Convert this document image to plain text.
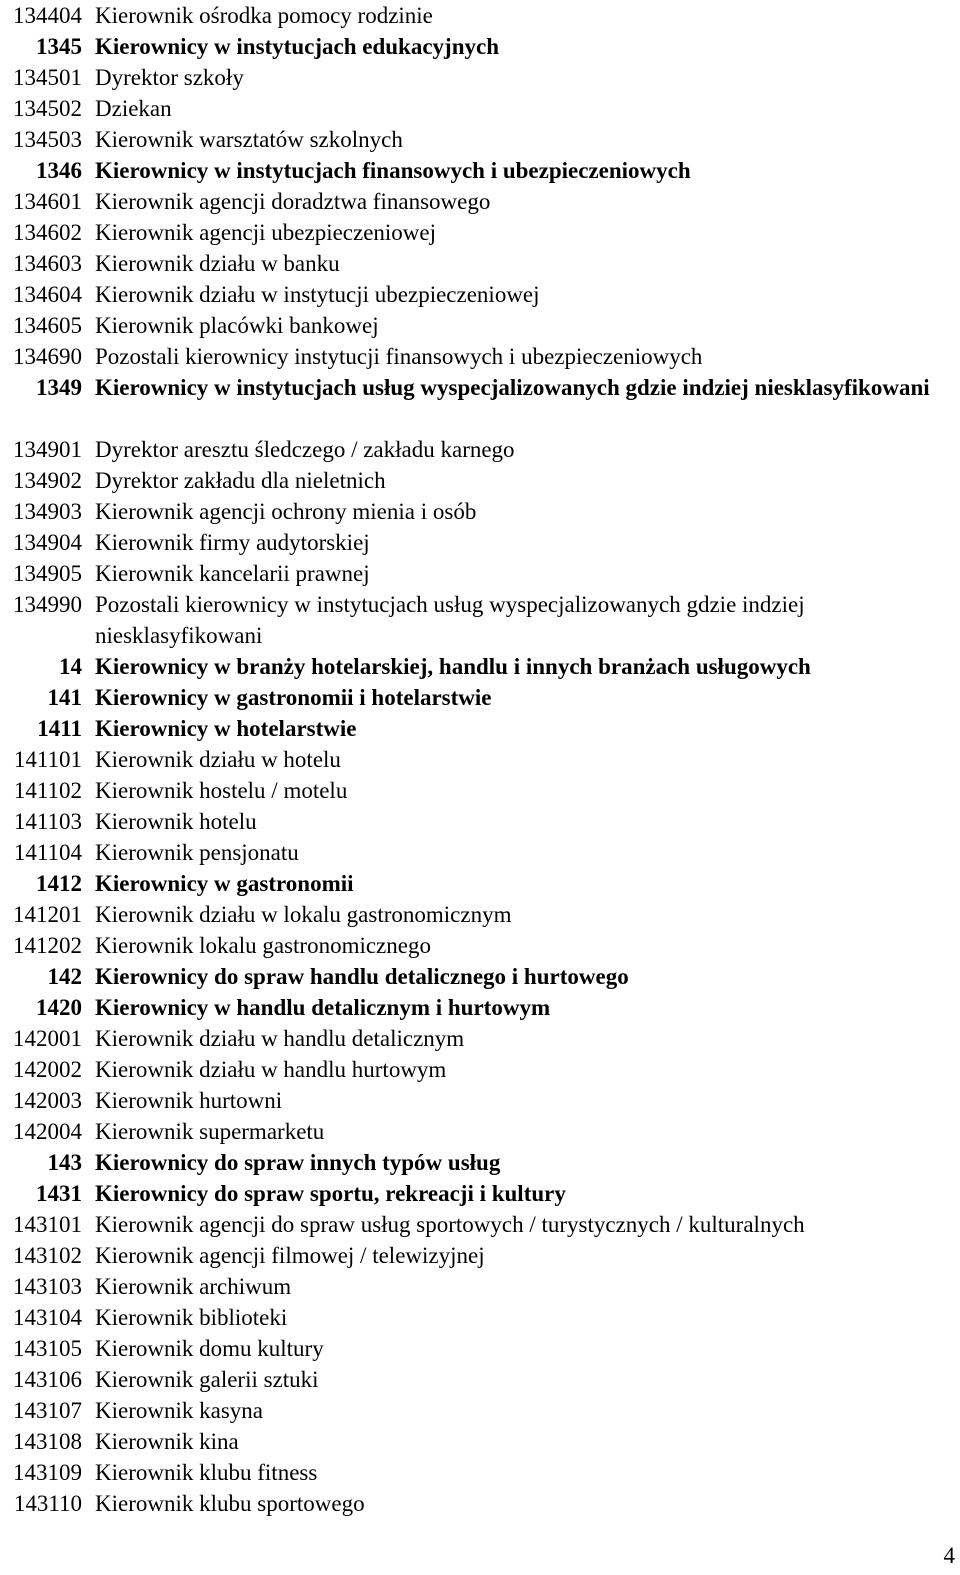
134404 Kierownik ośrodka pomocy rodzinie
1345 Kierownicy w instytucjach edukacyjnych
134501 Dyrektor szkoły
134502 Dziekan
134503 Kierownik warsztatów szkolnych
1346 Kierownicy w instytucjach finansowych i ubezpieczeniowych
134601 Kierownik agencji doradztwa finansowego
134602 Kierownik agencji ubezpieczeniowej
134603 Kierownik działu w banku
134604 Kierownik działu w instytucji ubezpieczeniowej
134605 Kierownik placówki bankowej
134690 Pozostali kierownicy instytucji finansowych i ubezpieczeniowych
1349 Kierownicy w instytucjach usług wyspecjalizowanych gdzie indziej niesklasyfikowani
134901 Dyrektor aresztu śledczego / zakładu karnego
134902 Dyrektor zakładu dla nieletnich
134903 Kierownik agencji ochrony mienia i osób
134904 Kierownik firmy audytorskiej
134905 Kierownik kancelarii prawnej
134990 Pozostali kierownicy w instytucjach usług wyspecjalizowanych gdzie indziej niesklasyfikowani
14 Kierownicy w branży hotelarskiej, handlu i innych branżach usługowych
141 Kierownicy w gastronomii i hotelarstwie
1411 Kierownicy w hotelarstwie
141101 Kierownik działu w hotelu
141102 Kierownik hostelu / motelu
141103 Kierownik hotelu
141104 Kierownik pensjonatu
1412 Kierownicy w gastronomii
141201 Kierownik działu w lokalu gastronomicznym
141202 Kierownik lokalu gastronomicznego
142 Kierownicy do spraw handlu detalicznego i hurtowego
1420 Kierownicy w handlu detalicznym i hurtowym
142001 Kierownik działu w handlu detalicznym
142002 Kierownik działu w handlu hurtowym
142003 Kierownik hurtowni
142004 Kierownik supermarketu
143 Kierownicy do spraw innych typów usług
1431 Kierownicy do spraw sportu, rekreacji i kultury
143101 Kierownik agencji do spraw usług sportowych / turystycznych / kulturalnych
143102 Kierownik agencji filmowej / telewizyjnej
143103 Kierownik archiwum
143104 Kierownik biblioteki
143105 Kierownik domu kultury
143106 Kierownik galerii sztuki
143107 Kierownik kasyna
143108 Kierownik kina
143109 Kierownik klubu fitness
143110 Kierownik klubu sportowego
4
